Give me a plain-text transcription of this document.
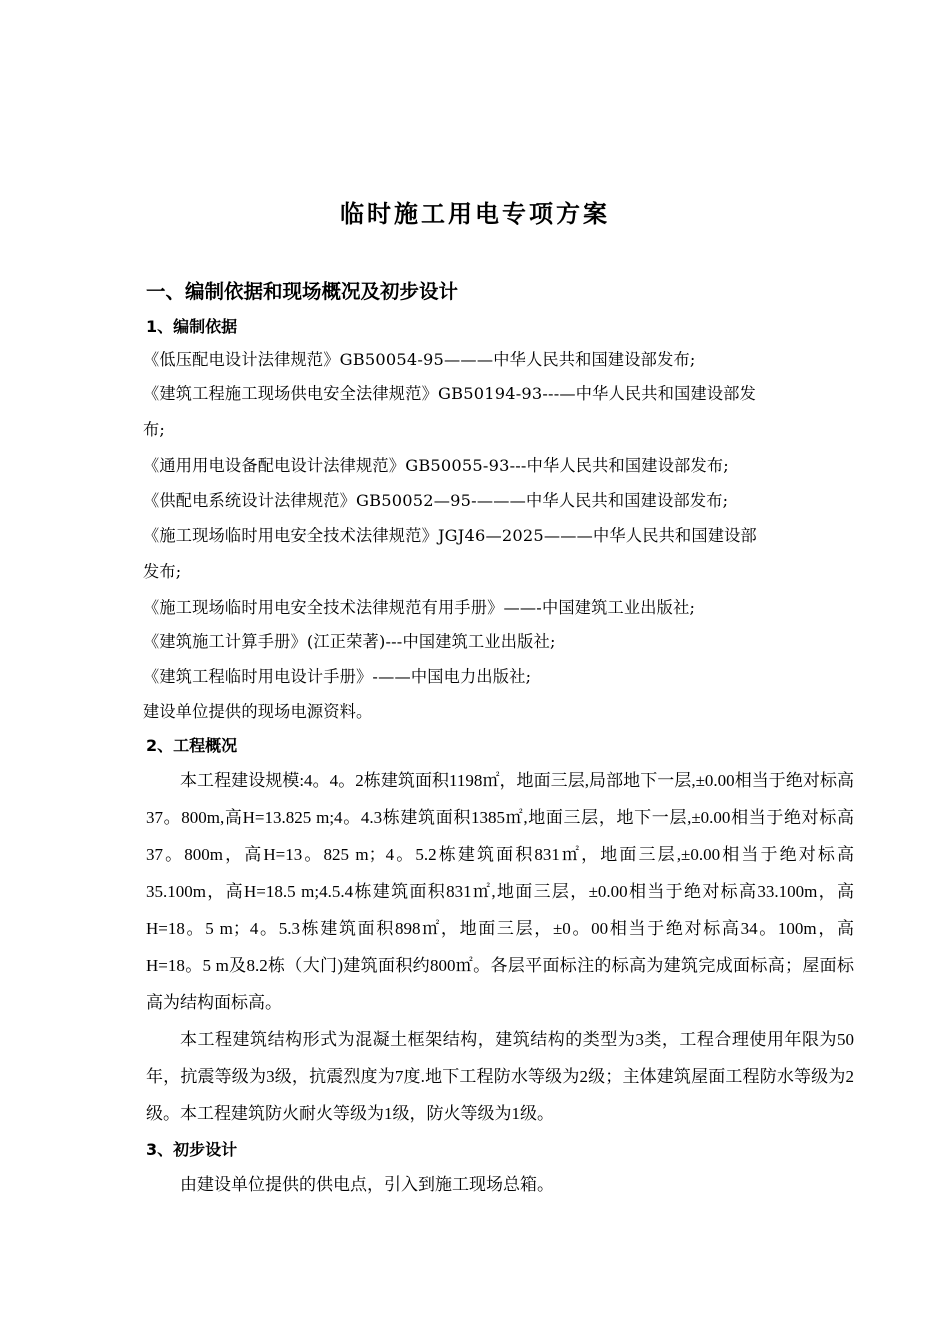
临时施工用电专项方案
一、编制依据和现场概况及初步设计
1、编制依据
《低压配电设计法律规范》GB50054-95———中华人民共和国建设部发布;
《建筑工程施工现场供电安全法律规范》GB50194-93---—中华人民共和国建设部发
布;
《通用用电设备配电设计法律规范》GB50055-93---中华人民共和国建设部发布;
《供配电系统设计法律规范》GB50052—95-———中华人民共和国建设部发布;
《施工现场临时用电安全技术法律规范》JGJ46—2025———中华人民共和国建设部
发布;
《施工现场临时用电安全技术法律规范有用手册》——-中国建筑工业出版社;
《建筑施工计算手册》(江正荣著)---中国建筑工业出版社;
《建筑工程临时用电设计手册》-——中国电力出版社;
建设单位提供的现场电源资料。
2、工程概况

本工程建设规模:4。4。2栋建筑面积1198㎡，地面三层,局部地下一层,±0.00相当于绝对标高37。800m,高H=13.825 m;4。4.3栋建筑面积1385㎡,地面三层，地下一层,±0.00相当于绝对标高37。800m，高H=13。825 m；4。5.2栋建筑面积831㎡，地面三层,±0.00相当于绝对标高35.100m，高H=18.5 m;4.5.4栋建筑面积831㎡,地面三层，±0.00相当于绝对标高33.100m，高H=18。5 m；4。5.3栋建筑面积898㎡，地面三层，±0。00相当于绝对标高34。100m，高H=18。5 m及8.2栋（大门)建筑面积约800㎡。各层平面标注的标高为建筑完成面标高；屋面标高为结构面标高。

本工程建筑结构形式为混凝土框架结构，建筑结构的类型为3类，工程合理使用年限为50年，抗震等级为3级，抗震烈度为7度.地下工程防水等级为2级；主体建筑屋面工程防水等级为2级。本工程建筑防火耐火等级为1级，防火等级为1级。

3、初步设计

由建设单位提供的供电点，引入到施工现场总箱。
